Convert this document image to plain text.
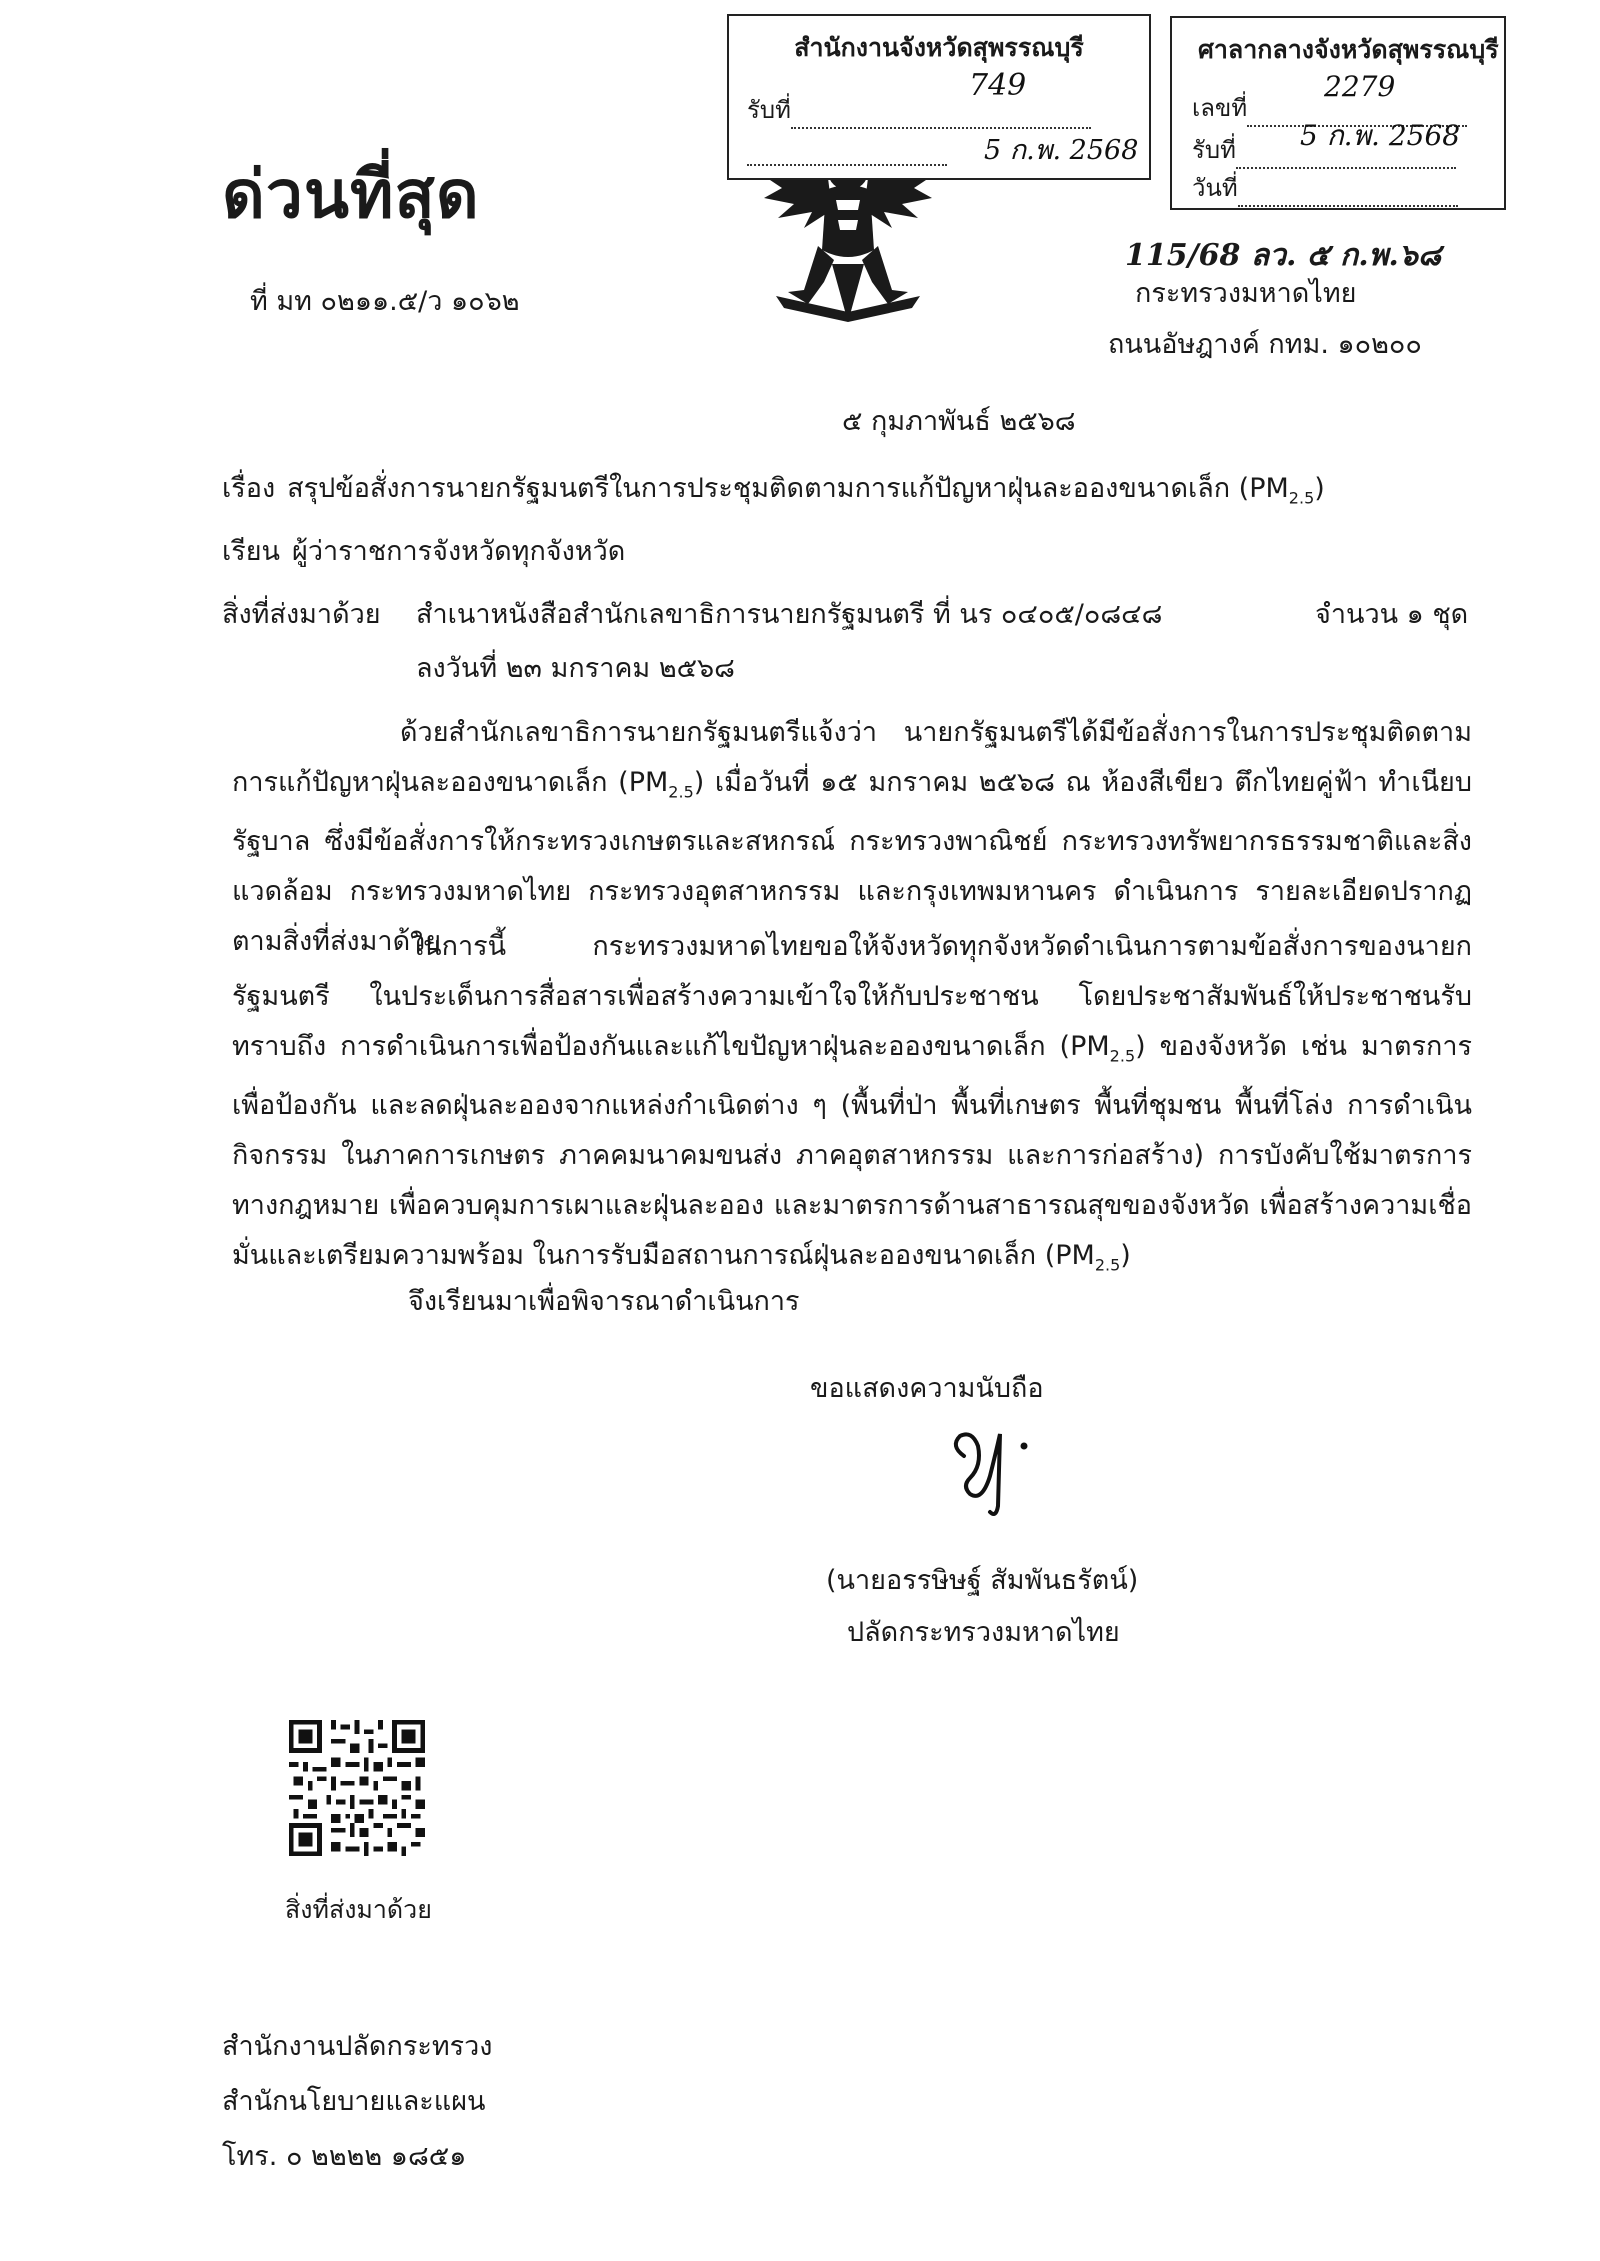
ด่วนที่สุด
ที่ มท ๐๒๑๑.๕/ว ๑๐๖๒
สำนักงานจังหวัดสุพรรณบุรี
รับที่
749
5 ก.พ. 2568
ศาลากลางจังหวัดสุพรรณบุรี
เลขที่
2279
รับที่	5 ก.พ. 2568
วันที่
115/68 ลว. ๕ ก.พ.๖๘
กระทรวงมหาดไทย
ถนนอัษฎางค์ กทม. ๑๐๒๐๐
๕ กุมภาพันธ์ ๒๕๖๘
เรื่อง สรุปข้อสั่งการนายกรัฐมนตรีในการประชุมติดตามการแก้ปัญหาฝุ่นละอองขนาดเล็ก $(PM_{2.5})$
เรียน ผู้ว่าราชการจังหวัดทุกจังหวัด
สิ่งที่ส่งมาด้วย สำเนาหนังสือสำนักเลขาธิการนายกรัฐมนตรี ที่ นร ๐๔๐๕/๐๘๔๘	จำนวน ๑ ชุด
ลงวันที่ ๒๓ มกราคม ๒๕๖๘
ด้วยสำนักเลขาธิการนายกรัฐมนตรีแจ้งว่า นายกรัฐมนตรีได้มีข้อสั่งการในการประชุมติดตามการแก้ปัญหาฝุ่นละอองขนาดเล็ก $(PM_{2.5})$ เมื่อวันที่ ๑๕ มกราคม ๒๕๖๘ ณ ห้องสีเขียว ตึกไทยคู่ฟ้า ทำเนียบรัฐบาล ซึ่งมีข้อสั่งการให้กระทรวงเกษตรและสหกรณ์ กระทรวงพาณิชย์ กระทรวงทรัพยากรธรรมชาติและสิ่งแวดล้อม กระทรวงมหาดไทย กระทรวงอุตสาหกรรม และกรุงเทพมหานคร ดำเนินการ รายละเอียดปรากฏตามสิ่งที่ส่งมาด้วย
ในการนี้ กระทรวงมหาดไทยขอให้จังหวัดทุกจังหวัดดำเนินการตามข้อสั่งการของนายกรัฐมนตรี ในประเด็นการสื่อสารเพื่อสร้างความเข้าใจให้กับประชาชน โดยประชาสัมพันธ์ให้ประชาชนรับทราบถึง การดำเนินการเพื่อป้องกันและแก้ไขปัญหาฝุ่นละอองขนาดเล็ก $(PM_{2.5})$ ของจังหวัด เช่น มาตรการเพื่อป้องกัน และลดฝุ่นละอองจากแหล่งกำเนิดต่าง ๆ (พื้นที่ป่า พื้นที่เกษตร พื้นที่ชุมชน พื้นที่โล่ง การดำเนินกิจกรรม ในภาคการเกษตร ภาคคมนาคมขนส่ง ภาคอุตสาหกรรม และการก่อสร้าง) การบังคับใช้มาตรการทางกฎหมาย เพื่อควบคุมการเผาและฝุ่นละออง และมาตรการด้านสาธารณสุขของจังหวัด เพื่อสร้างความเชื่อมั่นและเตรียมความพร้อม ในการรับมือสถานการณ์ฝุ่นละอองขนาดเล็ก $(PM_{2.5})$
จึงเรียนมาเพื่อพิจารณาดำเนินการ
ขอแสดงความนับถือ
(นายอรรษิษฐ์ สัมพันธรัตน์)
ปลัดกระทรวงมหาดไทย
สิ่งที่ส่งมาด้วย
สำนักงานปลัดกระทรวง
สำนักนโยบายและแผน
โทร. ๐ ๒๒๒๒ ๑๘๕๑
